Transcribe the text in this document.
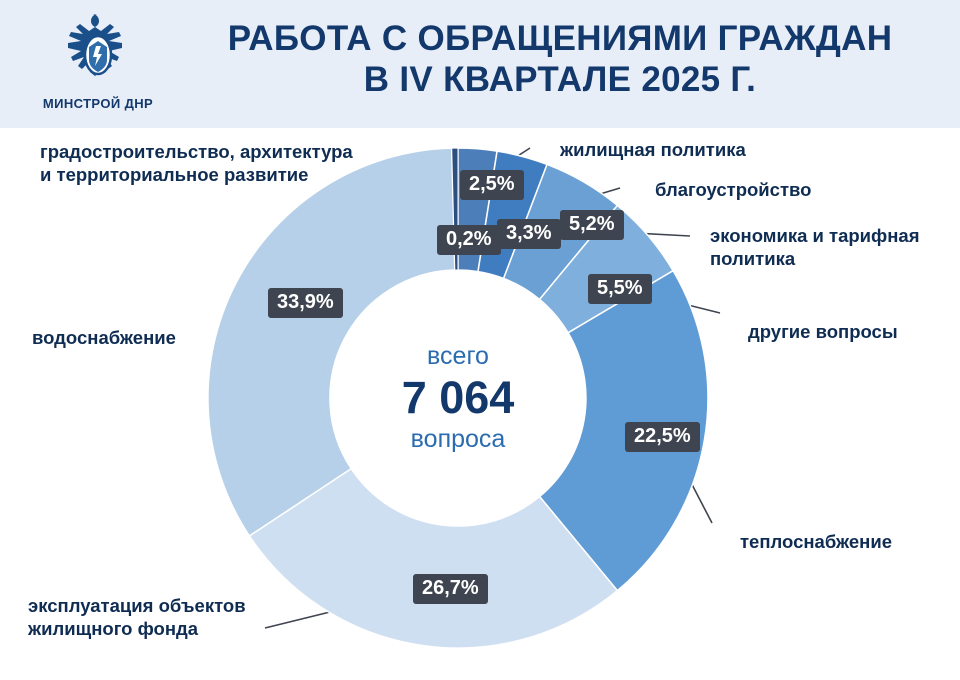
МИНСТРОЙ ДНР
РАБОТА С ОБРАЩЕНИЯМИ ГРАЖДАН
В IV КВАРТАЛЕ 2025 Г.
всего
7 064
вопроса
2,5%
0,2% 3,3% 5,2%
5,5%
22,5%
26,7%
33,9%
градостроительство, архитектура
и территориальное развитие
жилищная политика
благоустройство
экономика и тарифная
политика
другие вопросы
теплоснабжение
эксплуатация объектов
жилищного фонда
водоснабжение
